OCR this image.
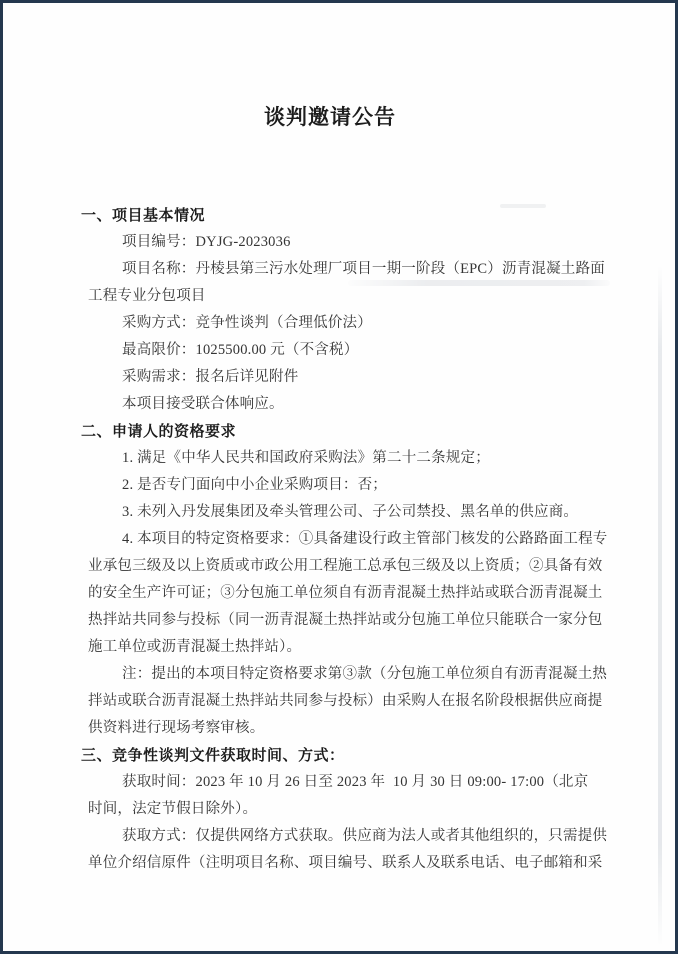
谈判邀请公告
一、项目基本情况
项目编号：DYJG-2023036
项目名称：丹棱县第三污水处理厂项目一期一阶段（EPC）沥青混凝土路面
工程专业分包项目
采购方式：竞争性谈判（合理低价法）
最高限价：1025500.00 元（不含税）
采购需求：报名后详见附件
本项目接受联合体响应。
二、申请人的资格要求
1. 满足《中华人民共和国政府采购法》第二十二条规定；
2. 是否专门面向中小企业采购项目：否；
3. 未列入丹发展集团及牵头管理公司、子公司禁投、黑名单的供应商。
4. 本项目的特定资格要求：①具备建设行政主管部门核发的公路路面工程专
业承包三级及以上资质或市政公用工程施工总承包三级及以上资质；②具备有效
的安全生产许可证；③分包施工单位须自有沥青混凝土热拌站或联合沥青混凝土
热拌站共同参与投标（同一沥青混凝土热拌站或分包施工单位只能联合一家分包
施工单位或沥青混凝土热拌站）。
注：提出的本项目特定资格要求第③款（分包施工单位须自有沥青混凝土热
拌站或联合沥青混凝土热拌站共同参与投标）由采购人在报名阶段根据供应商提
供资料进行现场考察审核。
三、竞争性谈判文件获取时间、方式：
获取时间：2023 年 10 月 26 日至 2023 年  10 月 30 日 09:00- 17:00（北京
时间，法定节假日除外）。
获取方式：仅提供网络方式获取。供应商为法人或者其他组织的，只需提供
单位介绍信原件（注明项目名称、项目编号、联系人及联系电话、电子邮箱和采
